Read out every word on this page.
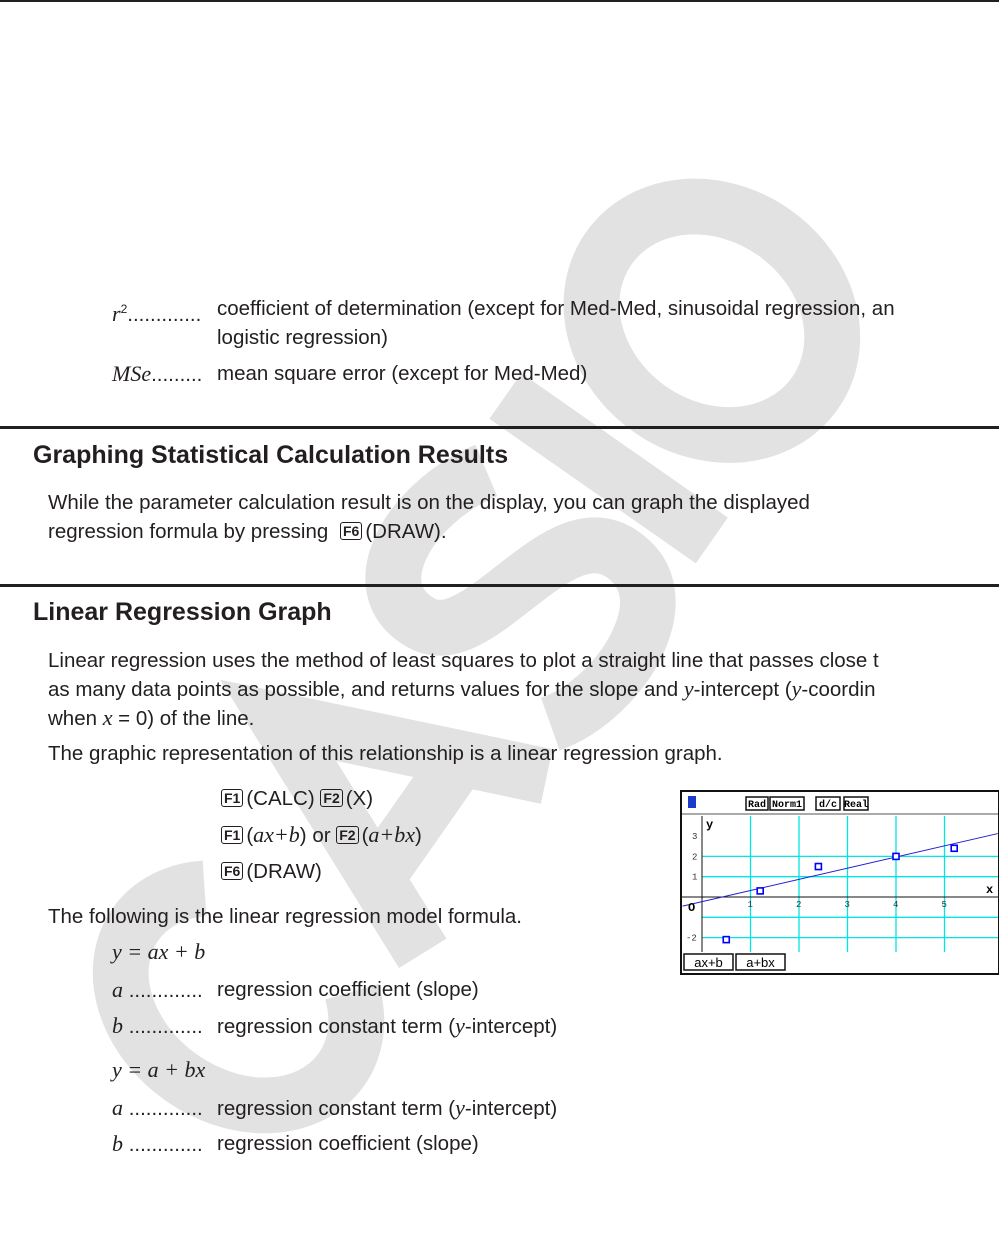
$r^2$............. coefficient of determination (except for Med-Med, sinusoidal regression, an
logistic regression)
MSe......... mean square error (except for Med-Med)
Graphing Statistical Calculation Results
While the parameter calculation result is on the display, you can graph the displayed
regression formula by pressing F6 (DRAW).
Linear Regression Graph
Linear regression uses the method of least squares to plot a straight line that passes close t
as many data points as possible, and returns values for the slope and y-intercept (y-coordin
when x = 0) of the line.
The graphic representation of this relationship is a linear regression graph.
F1 (CALC) F2 (X)
F1 (ax+b) or F2 (a+bx)
F6 (DRAW)
The following is the linear regression model formula.
y = ax + b
a ............. regression coefficient (slope)
b ............. regression constant term (y-intercept)
y = a + bx
a ............. regression constant term (y-intercept)
b ............. regression coefficient (slope)
Rad Norm1 d/c Real
1	2	3	4	5
3
2
1
-2
y
x
O
ax+b a+bx
